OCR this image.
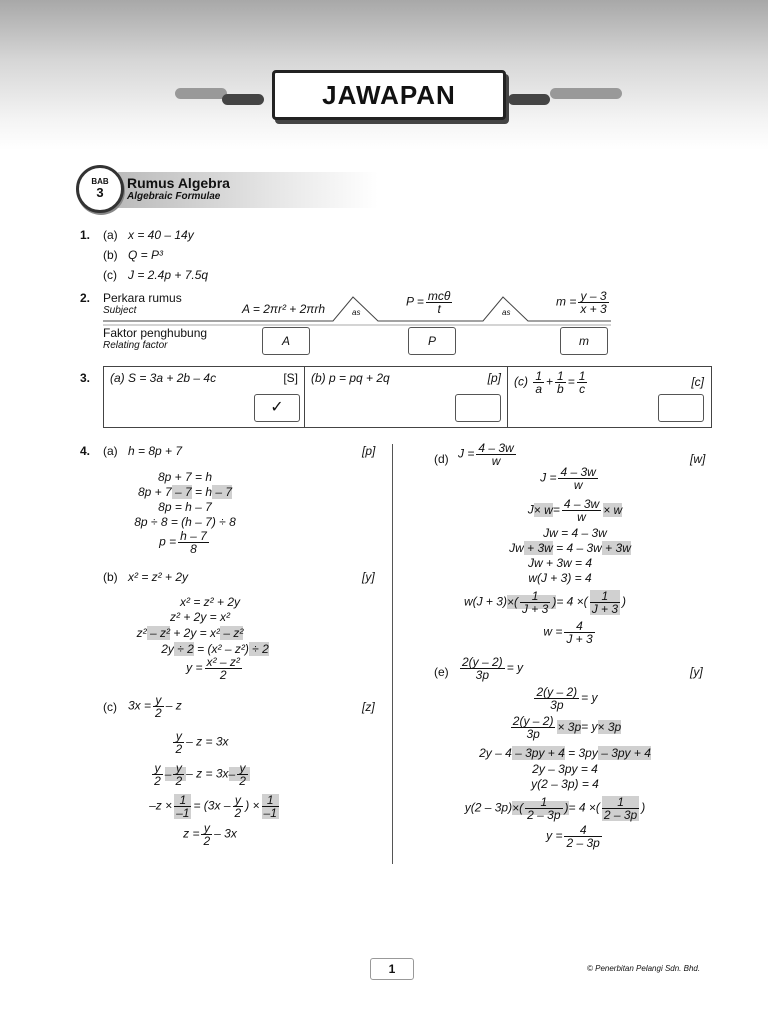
JAWAPAN
BAB
3
Rumus Algebra
Algebraic Formulae
1. (a) x = 40 – 14y
(b) Q = P³
(c) J = 2.4p + 7.5q
2. Perkara rumus
Subject
Faktor penghubung
Relating factor
A = 2πr² + 2πrh
$P = \frac{\text{mcθ}}{t}$	$m = \frac{y - 3}{x + 3}$
as	as
A	P	m
3. (a) S = 3a + 2b – 4c	[S]
✓
(b) p = pq + 2q	[p] $(c) \frac{1}{a} + \frac{1}{b} = \frac{1}{c}$	[c]
4. (a) h = 8p + 7	[p]
8p + 7 = h
8p + 7 – 7 = h – 7
8p = h – 7
8p ÷ 8 = (h – 7) ÷ 8
$p = \frac{h - 7}{8}$
(b) x² = z² + 2y	[y]
x² = z² + 2y
z² + 2y = x²
z² – z² + 2y = x² – z²
2y ÷ 2 = (x² – z²) ÷ 2
$y = \frac{\text{x² – z²}}{2}$
(c) $3x = \frac{y}{2} - z$	[z]
$\frac{y}{2} - z = 3x$
$\frac{y}{2} - \frac{y}{2} - z = 3x- \frac{y}{2}$
$-z \times \frac{1}{-1} = (3x - \frac{y}{2}$ ) × $\frac{1}{-1}$
$z = \frac{y}{2} - 3x$
(d) $J = \frac{4 - 3w}{w}$	[w]
$J = \frac{4 - 3w}{w}$
$J\times w= \frac{4 - 3w}{w} \times w$
Jw = 4 – 3w
Jw + 3w = 4 – 3w + 3w
Jw + 3w = 4
w(J + 3) = 4
$w(J + 3)\times( \frac{1}{J + 3}$ )= 4 ×( $\frac{1}{J + 3}$ )
$w = \frac{4}{J + 3}$
$(e) \frac{2(y - 2)}{3p} = y$	[y]
$\frac{2(y - 2)}{3p} = y$
$\frac{2(y - 2)}{3p} \times 3p= y\times 3p$
2y – 4 – 3py + 4 = 3py – 3py + 4
2y – 3py = 4
y(2 – 3p) = 4
$y(2 - 3p)\times( \frac{1}{2 - 3p}$ )= 4 ×( $\frac{1}{2 - 3p}$ )
$y = \frac{4}{2 - 3p}$
1	© Penerbitan Pelangi Sdn. Bhd.
